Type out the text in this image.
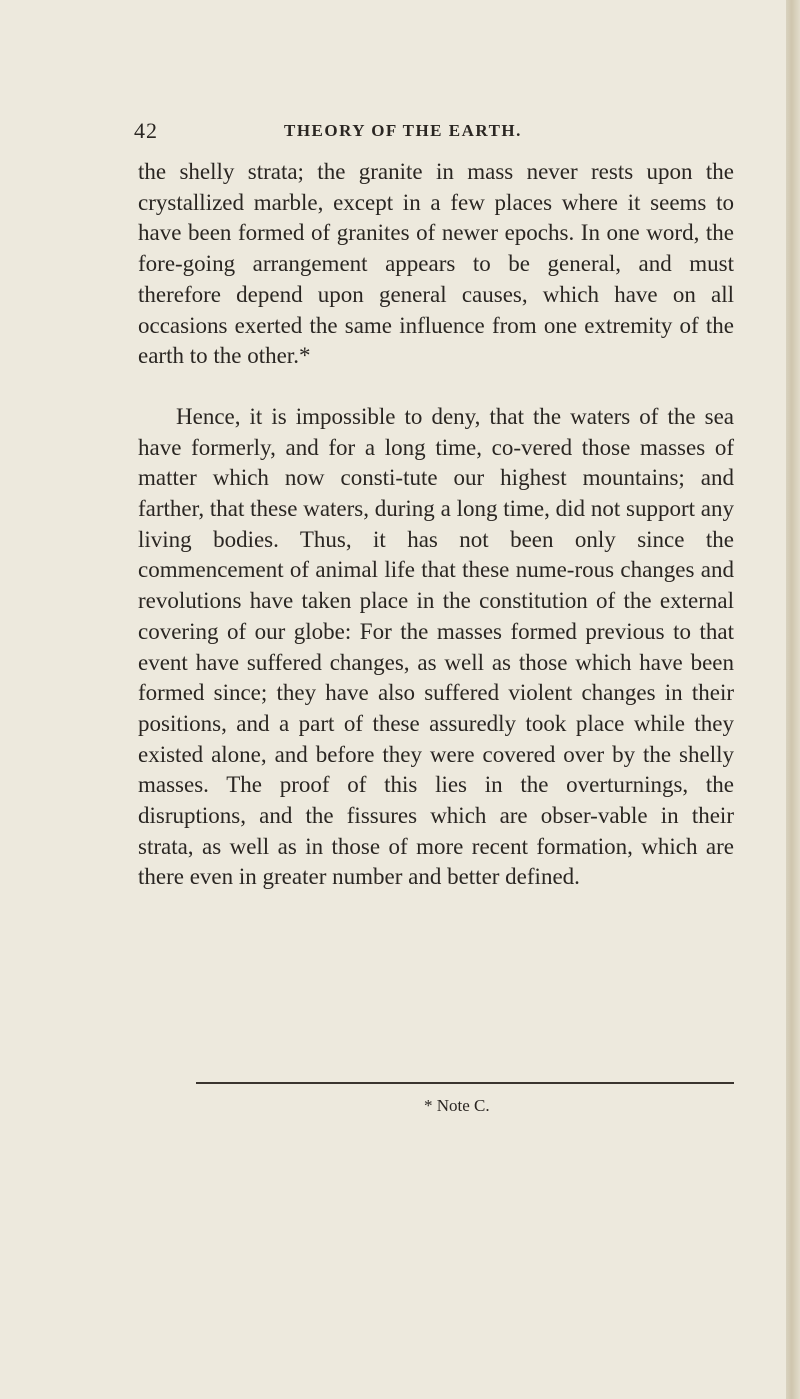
42	THEORY OF THE EARTH.

the shelly strata; the granite in mass never rests upon the crystallized marble, except in a few places where it seems to have been formed of granites of newer epochs. In one word, the fore-going arrangement appears to be general, and must therefore depend upon general causes, which have on all occasions exerted the same influence from one extremity of the earth to the other.*

Hence, it is impossible to deny, that the waters of the sea have formerly, and for a long time, co-vered those masses of matter which now consti-tute our highest mountains; and farther, that these waters, during a long time, did not support any living bodies. Thus, it has not been only since the commencement of animal life that these nume-rous changes and revolutions have taken place in the constitution of the external covering of our globe: For the masses formed previous to that event have suffered changes, as well as those which have been formed since; they have also suffered violent changes in their positions, and a part of these assuredly took place while they existed alone, and before they were covered over by the shelly masses. The proof of this lies in the overturnings, the disruptions, and the fissures which are obser-vable in their strata, as well as in those of more recent formation, which are there even in greater number and better defined.

* Note C.
